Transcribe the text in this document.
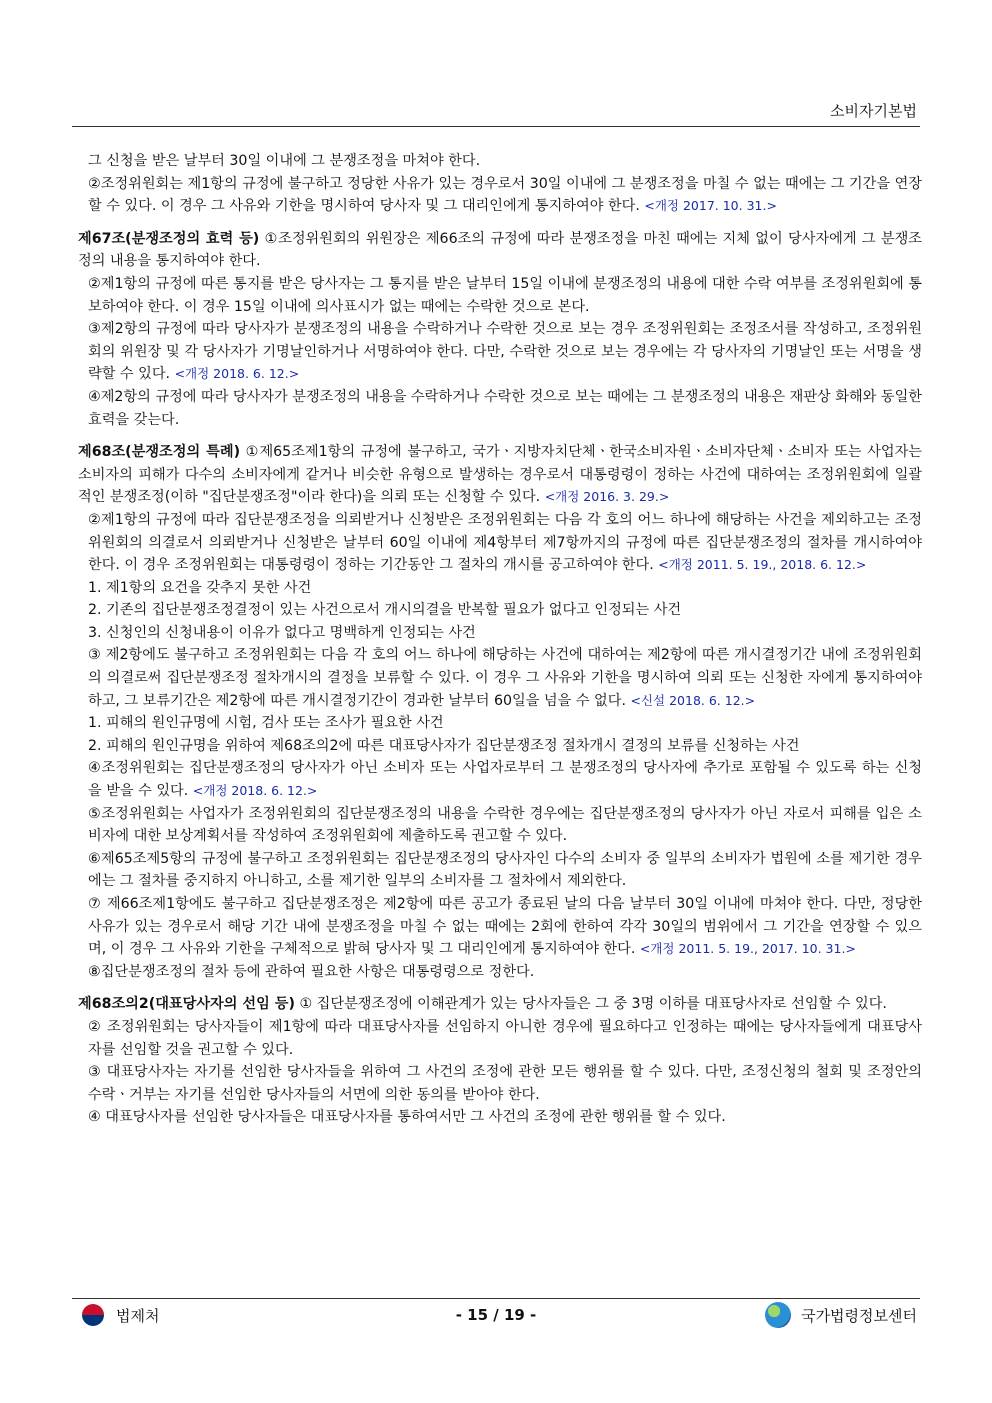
소비자기본법

그 신청을 받은 날부터 30일 이내에 그 분쟁조정을 마쳐야 한다.

②조정위원회는 제1항의 규정에 불구하고 정당한 사유가 있는 경우로서 30일 이내에 그 분쟁조정을 마칠 수 없는 때에는 그 기간을 연장할 수 있다. 이 경우 그 사유와 기한을 명시하여 당사자 및 그 대리인에게 통지하여야 한다. <개정 2017. 10. 31.>

제67조(분쟁조정의 효력 등) ①조정위원회의 위원장은 제66조의 규정에 따라 분쟁조정을 마친 때에는 지체 없이 당사자에게 그 분쟁조정의 내용을 통지하여야 한다.

②제1항의 규정에 따른 통지를 받은 당사자는 그 통지를 받은 날부터 15일 이내에 분쟁조정의 내용에 대한 수락 여부를 조정위원회에 통보하여야 한다. 이 경우 15일 이내에 의사표시가 없는 때에는 수락한 것으로 본다.

③제2항의 규정에 따라 당사자가 분쟁조정의 내용을 수락하거나 수락한 것으로 보는 경우 조정위원회는 조정조서를 작성하고, 조정위원회의 위원장 및 각 당사자가 기명날인하거나 서명하여야 한다. 다만, 수락한 것으로 보는 경우에는 각 당사자의 기명날인 또는 서명을 생략할 수 있다. <개정 2018. 6. 12.>

④제2항의 규정에 따라 당사자가 분쟁조정의 내용을 수락하거나 수락한 것으로 보는 때에는 그 분쟁조정의 내용은 재판상 화해와 동일한 효력을 갖는다.

제68조(분쟁조정의 특례) ①제65조제1항의 규정에 불구하고, 국가ㆍ지방자치단체ㆍ한국소비자원ㆍ소비자단체ㆍ소비자 또는 사업자는 소비자의 피해가 다수의 소비자에게 같거나 비슷한 유형으로 발생하는 경우로서 대통령령이 정하는 사건에 대하여는 조정위원회에 일괄적인 분쟁조정(이하 "집단분쟁조정"이라 한다)을 의뢰 또는 신청할 수 있다. <개정 2016. 3. 29.>

②제1항의 규정에 따라 집단분쟁조정을 의뢰받거나 신청받은 조정위원회는 다음 각 호의 어느 하나에 해당하는 사건을 제외하고는 조정위원회의 의결로서 의뢰받거나 신청받은 날부터 60일 이내에 제4항부터 제7항까지의 규정에 따른 집단분쟁조정의 절차를 개시하여야 한다. 이 경우 조정위원회는 대통령령이 정하는 기간동안 그 절차의 개시를 공고하여야 한다. <개정 2011. 5. 19., 2018. 6. 12.>

1. 제1항의 요건을 갖추지 못한 사건

2. 기존의 집단분쟁조정결정이 있는 사건으로서 개시의결을 반복할 필요가 없다고 인정되는 사건

3. 신청인의 신청내용이 이유가 없다고 명백하게 인정되는 사건

③ 제2항에도 불구하고 조정위원회는 다음 각 호의 어느 하나에 해당하는 사건에 대하여는 제2항에 따른 개시결정기간 내에 조정위원회의 의결로써 집단분쟁조정 절차개시의 결정을 보류할 수 있다. 이 경우 그 사유와 기한을 명시하여 의뢰 또는 신청한 자에게 통지하여야 하고, 그 보류기간은 제2항에 따른 개시결정기간이 경과한 날부터 60일을 넘을 수 없다. <신설 2018. 6. 12.>

1. 피해의 원인규명에 시험, 검사 또는 조사가 필요한 사건

2. 피해의 원인규명을 위하여 제68조의2에 따른 대표당사자가 집단분쟁조정 절차개시 결정의 보류를 신청하는 사건

④조정위원회는 집단분쟁조정의 당사자가 아닌 소비자 또는 사업자로부터 그 분쟁조정의 당사자에 추가로 포함될 수 있도록 하는 신청을 받을 수 있다. <개정 2018. 6. 12.>

⑤조정위원회는 사업자가 조정위원회의 집단분쟁조정의 내용을 수락한 경우에는 집단분쟁조정의 당사자가 아닌 자로서 피해를 입은 소비자에 대한 보상계획서를 작성하여 조정위원회에 제출하도록 권고할 수 있다.

⑥제65조제5항의 규정에 불구하고 조정위원회는 집단분쟁조정의 당사자인 다수의 소비자 중 일부의 소비자가 법원에 소를 제기한 경우에는 그 절차를 중지하지 아니하고, 소를 제기한 일부의 소비자를 그 절차에서 제외한다.

⑦ 제66조제1항에도 불구하고 집단분쟁조정은 제2항에 따른 공고가 종료된 날의 다음 날부터 30일 이내에 마쳐야 한다. 다만, 정당한 사유가 있는 경우로서 해당 기간 내에 분쟁조정을 마칠 수 없는 때에는 2회에 한하여 각각 30일의 범위에서 그 기간을 연장할 수 있으며, 이 경우 그 사유와 기한을 구체적으로 밝혀 당사자 및 그 대리인에게 통지하여야 한다. <개정 2011. 5. 19., 2017. 10. 31.>

⑧집단분쟁조정의 절차 등에 관하여 필요한 사항은 대통령령으로 정한다.

제68조의2(대표당사자의 선임 등) ① 집단분쟁조정에 이해관계가 있는 당사자들은 그 중 3명 이하를 대표당사자로 선임할 수 있다.

② 조정위원회는 당사자들이 제1항에 따라 대표당사자를 선임하지 아니한 경우에 필요하다고 인정하는 때에는 당사자들에게 대표당사자를 선임할 것을 권고할 수 있다.

③ 대표당사자는 자기를 선임한 당사자들을 위하여 그 사건의 조정에 관한 모든 행위를 할 수 있다. 다만, 조정신청의 철회 및 조정안의 수락ㆍ거부는 자기를 선임한 당사자들의 서면에 의한 동의를 받아야 한다.

④ 대표당사자를 선임한 당사자들은 대표당사자를 통하여서만 그 사건의 조정에 관한 행위를 할 수 있다.

법제처	- 15 / 19 -	국가법령정보센터
